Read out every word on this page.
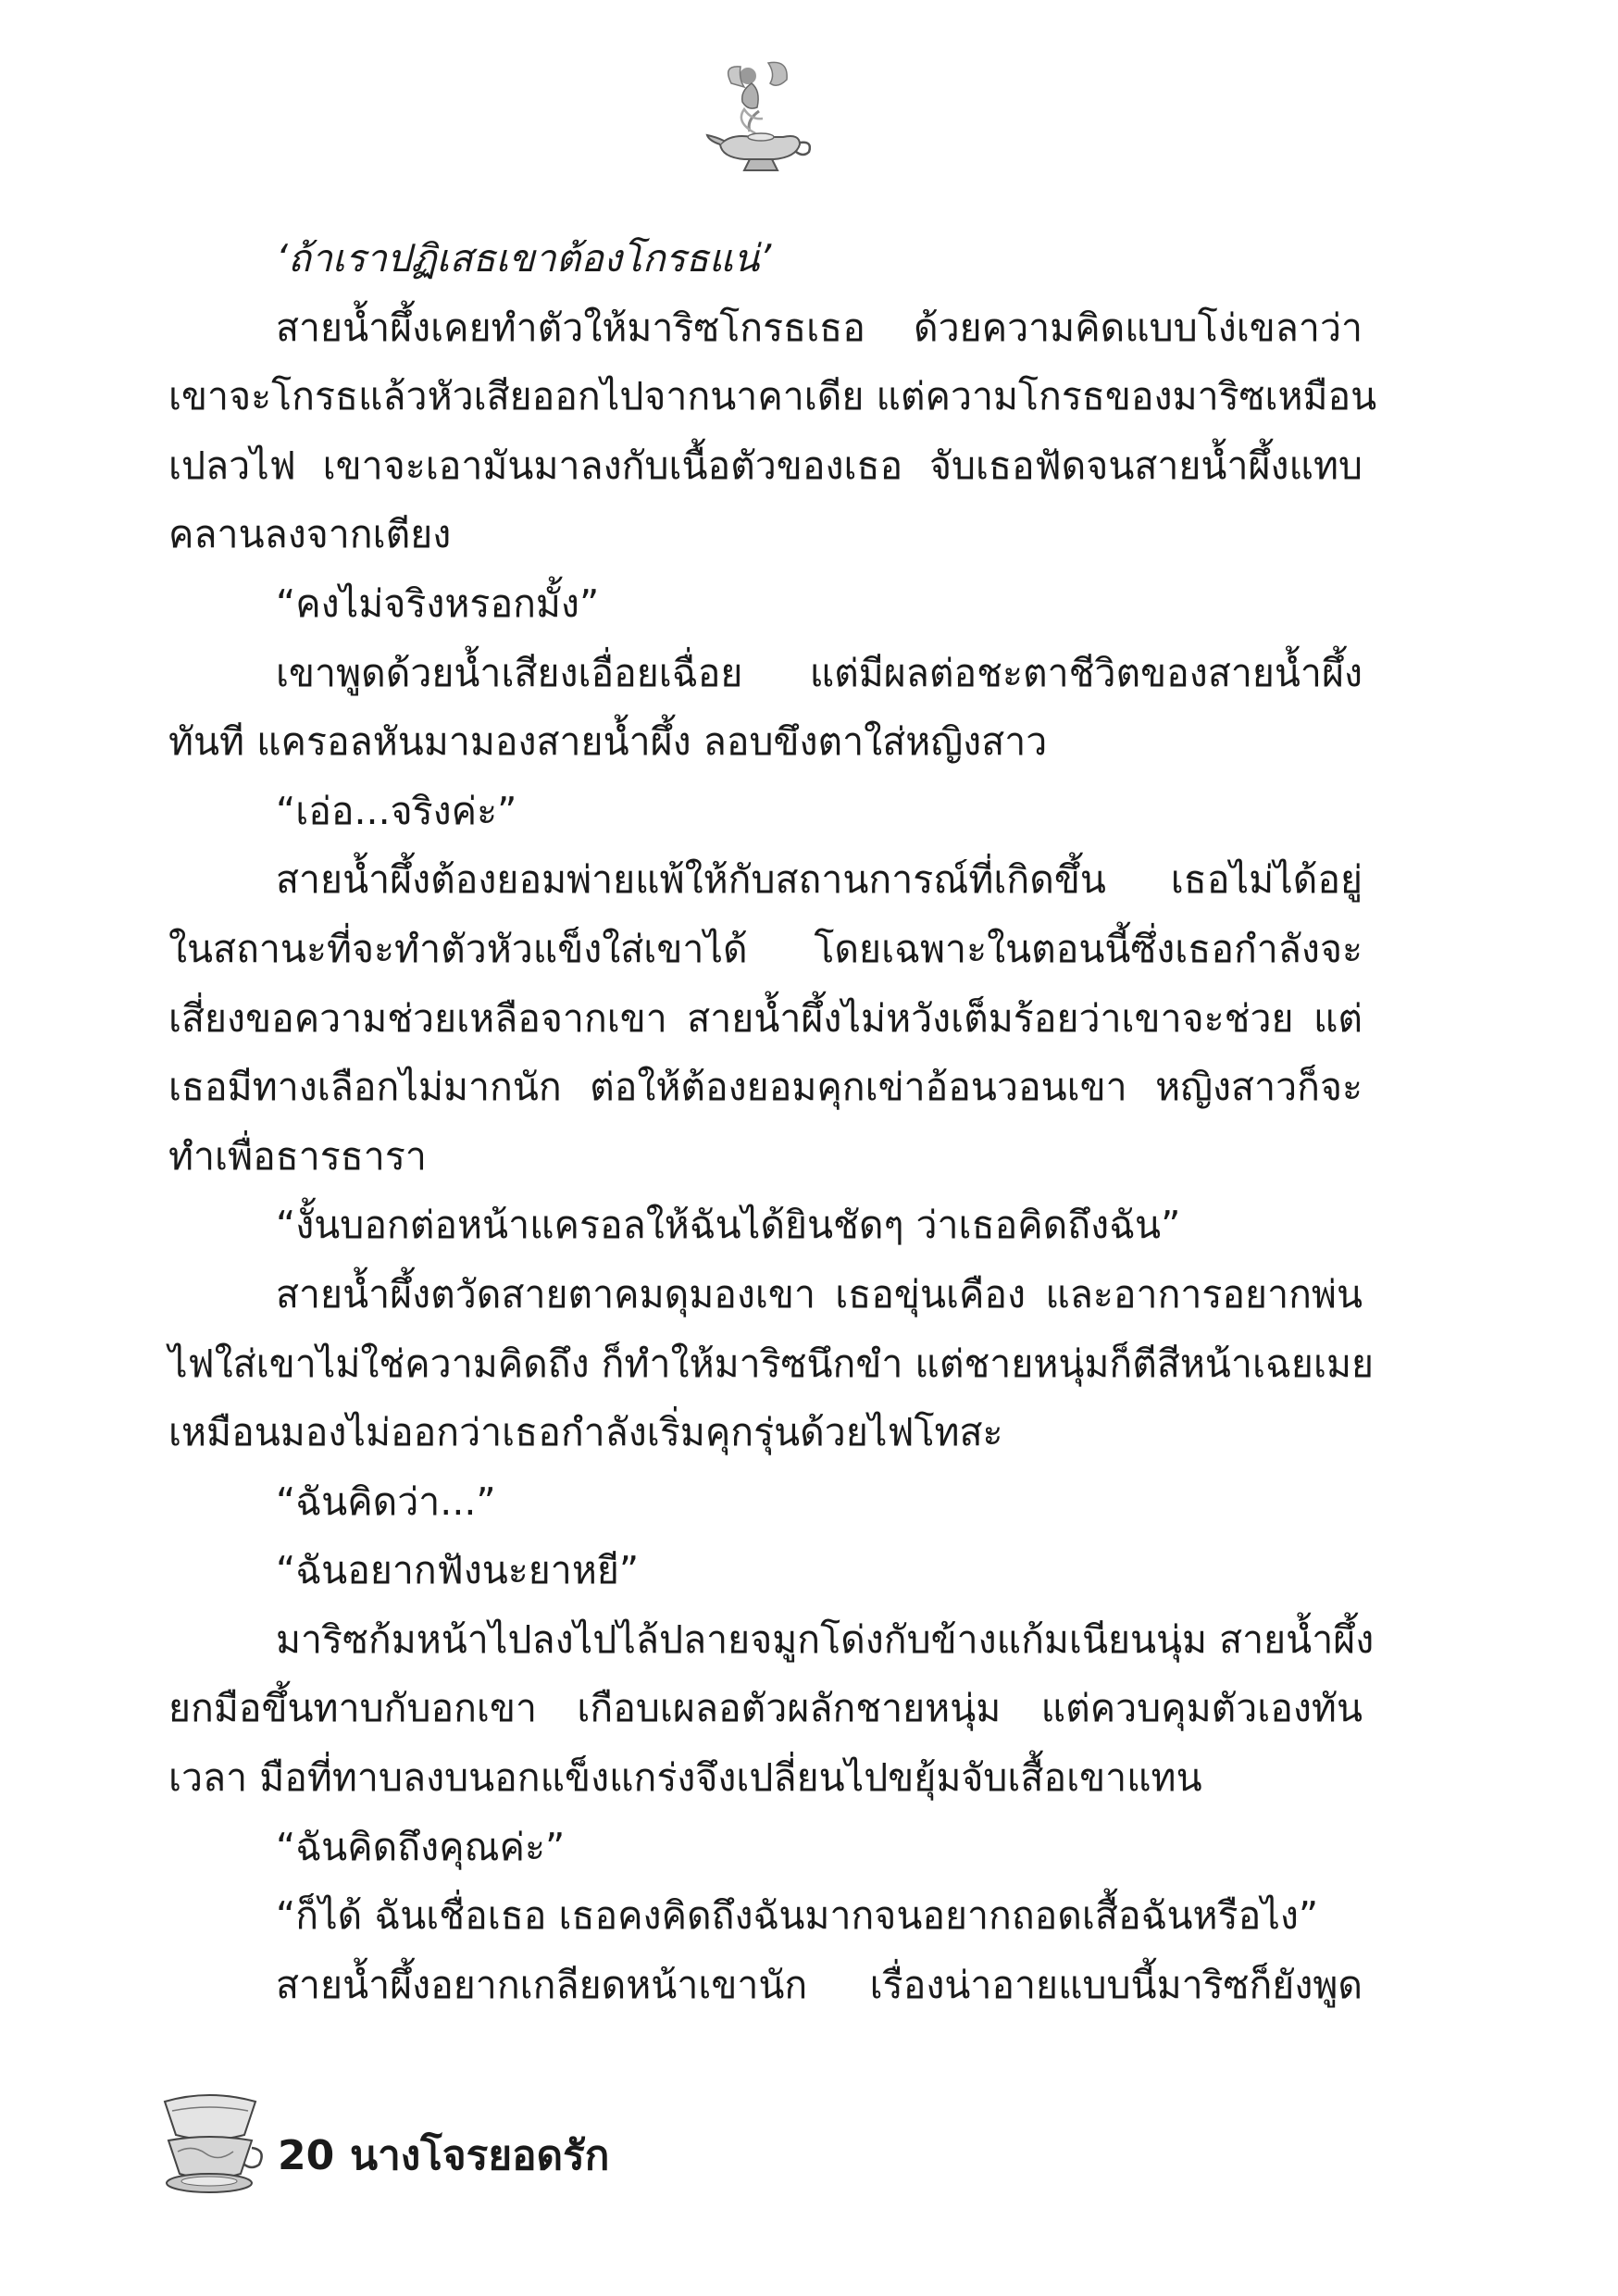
‘ถ้าเราปฏิเสธเขาต้องโกรธแน่’
สายน้ำผึ้งเคยทำตัวให้มาริซโกรธเธอ ด้วยความคิดแบบโง่เขลาว่า
เขาจะโกรธแล้วหัวเสียออกไปจากนาคาเดีย แต่ความโกรธของมาริซเหมือน
เปลวไฟ เขาจะเอามันมาลงกับเนื้อตัวของเธอ จับเธอฟัดจนสายน้ำผึ้งแทบ
คลานลงจากเตียง
“คงไม่จริงหรอกมั้ง”
เขาพูดด้วยน้ำเสียงเอื่อยเฉื่อย แต่มีผลต่อชะตาชีวิตของสายน้ำผึ้ง
ทันที แครอลหันมามองสายน้ำผึ้ง ลอบขึงตาใส่หญิงสาว
“เอ่อ...จริงค่ะ”
สายน้ำผึ้งต้องยอมพ่ายแพ้ให้กับสถานการณ์ที่เกิดขึ้น เธอไม่ได้อยู่
ในสถานะที่จะทำตัวหัวแข็งใส่เขาได้ โดยเฉพาะในตอนนี้ซึ่งเธอกำลังจะ
เสี่ยงขอความช่วยเหลือจากเขา สายน้ำผึ้งไม่หวังเต็มร้อยว่าเขาจะช่วย แต่
เธอมีทางเลือกไม่มากนัก ต่อให้ต้องยอมคุกเข่าอ้อนวอนเขา หญิงสาวก็จะ
ทำเพื่อธารธารา
“งั้นบอกต่อหน้าแครอลให้ฉันได้ยินชัดๆ ว่าเธอคิดถึงฉัน”
สายน้ำผึ้งตวัดสายตาคมดุมองเขา เธอขุ่นเคือง และอาการอยากพ่น
ไฟใส่เขาไม่ใช่ความคิดถึง ก็ทำให้มาริซนึกขำ แต่ชายหนุ่มก็ตีสีหน้าเฉยเมย
เหมือนมองไม่ออกว่าเธอกำลังเริ่มคุกรุ่นด้วยไฟโทสะ
“ฉันคิดว่า...”
“ฉันอยากฟังนะยาหยี”
มาริซก้มหน้าไปลงไปไล้ปลายจมูกโด่งกับข้างแก้มเนียนนุ่ม สายน้ำผึ้ง
ยกมือขึ้นทาบกับอกเขา เกือบเผลอตัวผลักชายหนุ่ม แต่ควบคุมตัวเองทัน
เวลา มือที่ทาบลงบนอกแข็งแกร่งจึงเปลี่ยนไปขยุ้มจับเสื้อเขาแทน
“ฉันคิดถึงคุณค่ะ”
“ก็ได้ ฉันเชื่อเธอ เธอคงคิดถึงฉันมากจนอยากถอดเสื้อฉันหรือไง”
สายน้ำผึ้งอยากเกลียดหน้าเขานัก เรื่องน่าอายแบบนี้มาริซก็ยังพูด
20 นางโจรยอดรัก
